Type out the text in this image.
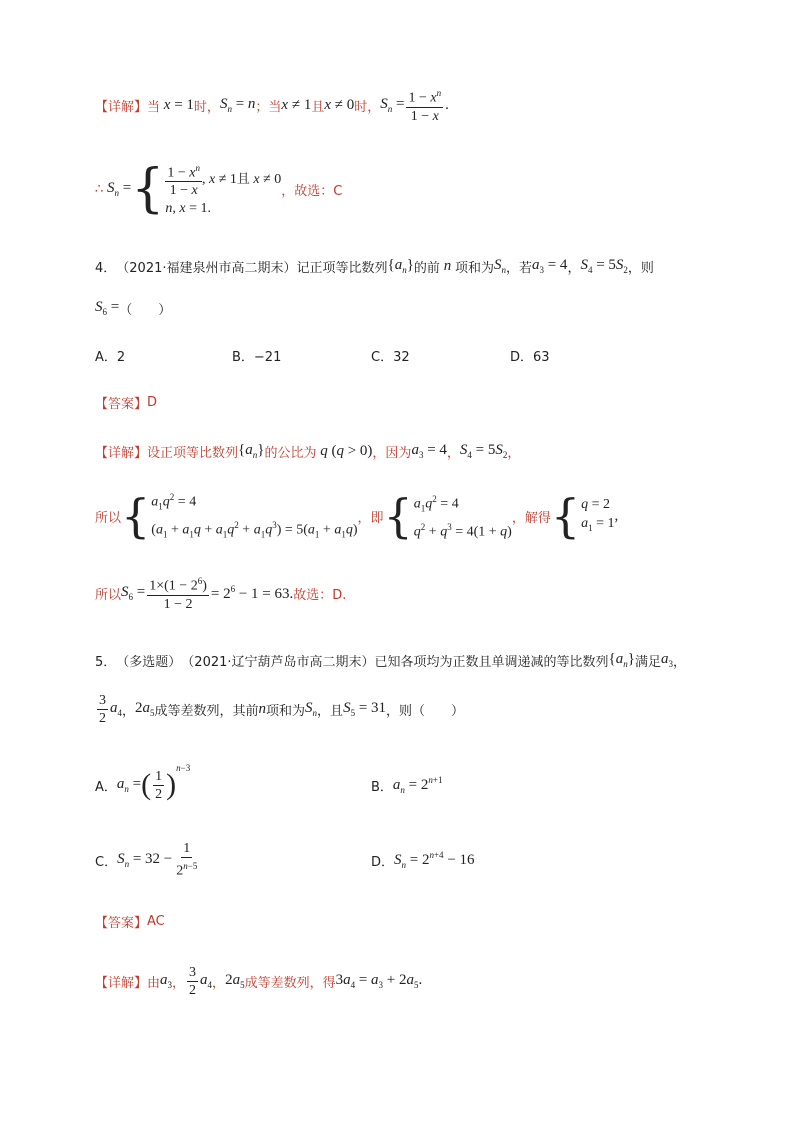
【详解】 当 x = 1 时， $S_n = n$ ；当 x ≠ 1 且 x ≠ 0 时， $S_n = \frac{1 - x^n}{1 - x}$ .
∴ $S_n$ = { $\frac{1 - x^n}{1 - x}$ , x ≠ 1且 x ≠ 0
n, x = 1.
，故选：C
4． （2021·福建泉州市高二期末） 记正项等比数列 $\{a_n\}$ 的前 n 项和为 $S_n$ ，若 $a_3 = 4$ ， $S_4 = 5S_2$ ，则
$S_6$ = （　　）
A．2	B．−21	C．32	D．63
【答案】 D
【详解】 设正项等比数列 $\{a_n\}$ 的公比为 q (q > 0) ，因为 $a_3 = 4$ ， $S_4 = 5S_2$ ，
所以 { $a_1q^2 = 4$
$(a_1 + a_1q + a_1q^2 + a_1q^3) = 5(a_1 + a_1q)$
，即 { $a_1q^2 = 4$
$q^2 + q^3 = 4(1 + q)$
，解得 { q = 2
$a_1 = 1$ ,
所以 $S_6 = \frac{1\times(1 - 2^6)}{1 - 2} = 2^6 - 1 = 63$. 故选：D.
5． （多选题） （2021·辽宁葫芦岛市高二期末） 已知各项均为正数且单调递减的等比数列 $\{a_n\}$ 满足 $a_3$ ，
$\frac{3}{2} a_4$ ， $2a_5$ 成等差数列，其前 n 项和为 $S_n$ ，且 $S_5 = 31$ ，则（　　）
A． $a_n$ = ( $\frac{1}{2}$ ) n−3
B． $a_n = 2^{n+1}$
C． $S_n = 32 - \frac{1}{2^{n-5}}$	D． $S_n = 2^{n+4} - 16$
【答案】 AC
【详解】 由 $a_3$ ， $\frac{3}{2} a_4$ ， $2a_5$ 成等差数列，得 $3a_4 = a_3 + 2a_5$.
